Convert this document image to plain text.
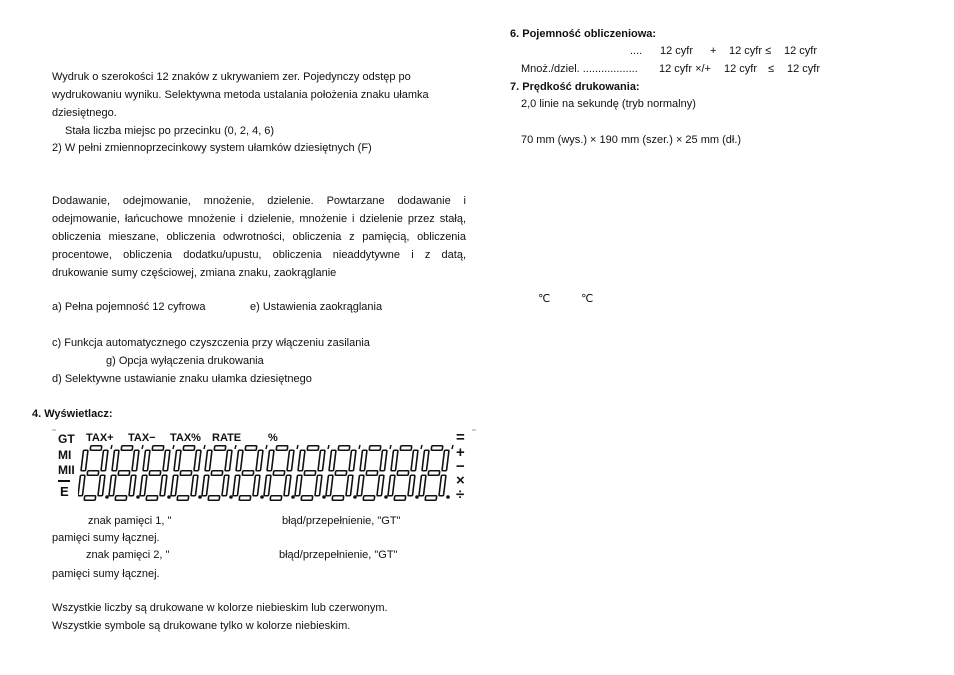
Wydruk o szerokości 12 znaków z ukrywaniem zer. Pojedynczy odstęp po
wydrukowaniu wyniku. Selektywna metoda ustalania położenia znaku ułamka
dziesiętnego.
Stała liczba miejsc po przecinku (0, 2, 4, 6)
2) W pełni zmiennoprzecinkowy system ułamków dziesiętnych (F)
Dodawanie, odejmowanie, mnożenie, dzielenie. Powtarzane dodawanie i
odejmowanie, łańcuchowe mnożenie i dzielenie, mnożenie i dzielenie przez stałą,
obliczenia mieszane, obliczenia odwrotności, obliczenia z pamięcią, obliczenia
procentowe, obliczenia dodatku/upustu, obliczenia nieaddytywne i z datą,
drukowanie sumy częściowej, zmiana znaku, zaokrąglanie
a) Pełna pojemność 12 cyfrowa	e) Ustawienia zaokrąglania
c) Funkcja automatycznego czyszczenia przy włączeniu zasilania
g) Opcja wyłączenia drukowania
d) Selektywne ustawianie znaku ułamka dziesiętnego
4. Wyświetlacz:
GT TAX+ TAX− TAX% RATE %
MI
MII
E
=
+
−
×
÷
znak pamięci 1, "	błąd/przepełnienie, "GT"
pamięci sumy łącznej.
znak pamięci 2, "	błąd/przepełnienie, "GT"
pamięci sumy łącznej.
Wszystkie liczby są drukowane w kolorze niebieskim lub czerwonym.
Wszystkie symbole są drukowane tylko w kolorze niebieskim.
6. Pojemność obliczeniowa:
.... 12 cyfr + 12 cyfr ≤ 12 cyfr
Mnoż./dziel. .................. 12 cyfr ×/+ 12 cyfr ≤ 12 cyfr
7. Prędkość drukowania:
2,0 linie na sekundę (tryb normalny)
70 mm (wys.) × 190 mm (szer.) × 25 mm (dł.)
℃	℃
